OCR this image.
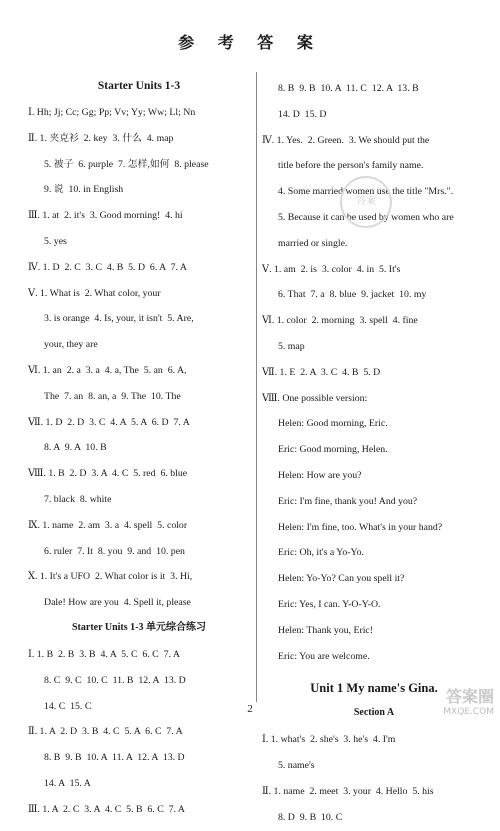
参 考 答 案
Starter Units 1-3
Ⅰ. Hh; Jj; Cc; Gg; Pp; Vv; Yy; Ww; Ll; Nn
Ⅱ. 1. 夹克衫  2. key  3. 什么  4. map
5. 被子  6. purple  7. 怎样,如何  8. please
9. 说  10. in English
Ⅲ. 1. at  2. it's  3. Good morning!  4. hi
5. yes
Ⅳ. 1. D  2. C  3. C  4. B  5. D  6. A  7. A
Ⅴ. 1. What is  2. What color, your
3. is orange  4. Is, your, it isn't  5. Are,
your, they are
Ⅵ. 1. an  2. a  3. a  4. a, The  5. an  6. A,
The  7. an  8. an, a  9. The  10. The
Ⅶ. 1. D  2. D  3. C  4. A  5. A  6. D  7. A
8. A  9. A  10. B
Ⅷ. 1. B  2. D  3. A  4. C  5. red  6. blue
7. black  8. white
Ⅸ. 1. name  2. am  3. a  4. spell  5. color
6. ruler  7. It  8. you  9. and  10. pen
Ⅹ. 1. It's a UFO  2. What color is it  3. Hi,
Dale! How are you  4. Spell it, please
Starter Units 1-3 单元综合练习
Ⅰ. 1. B  2. B  3. B  4. A  5. C  6. C  7. A
8. C  9. C  10. C  11. B  12. A  13. D
14. C  15. C
Ⅱ. 1. A  2. D  3. B  4. C  5. A  6. C  7. A
8. B  9. B  10. A  11. A  12. A  13. D
14. A  15. A
Ⅲ. 1. A  2. C  3. A  4. C  5. B  6. C  7. A
8. B  9. B  10. A  11. C  12. A  13. B
14. D  15. D
Ⅳ. 1. Yes.  2. Green.  3. We should put the
title before the person's family name.
4. Some married women use the title "Mrs.".
5. Because it can be used by women who are
married or single.
Ⅴ. 1. am  2. is  3. color  4. in  5. It's
6. That  7. a  8. blue  9. jacket  10. my
Ⅵ. 1. color  2. morning  3. spell  4. fine
5. map
Ⅶ. 1. E  2. A  3. C  4. B  5. D
Ⅷ. One possible version:
Helen: Good morning, Eric.
Eric: Good morning, Helen.
Helen: How are you?
Eric: I'm fine, thank you! And you?
Helen: I'm fine, too. What's in your hand?
Eric: Oh, it's a Yo-Yo.
Helen: Yo-Yo? Can you spell it?
Eric: Yes, I can. Y-O-Y-O.
Helen: Thank you, Eric!
Eric: You are welcome.
Unit 1 My name's Gina.
Section A
Ⅰ. 1. what's  2. she's  3. he's  4. I'm
5. name's
Ⅱ. 1. name  2. meet  3. your  4. Hello  5. his
8. D  9. B  10. C
答案
答案圈
MXQE.COM
2
